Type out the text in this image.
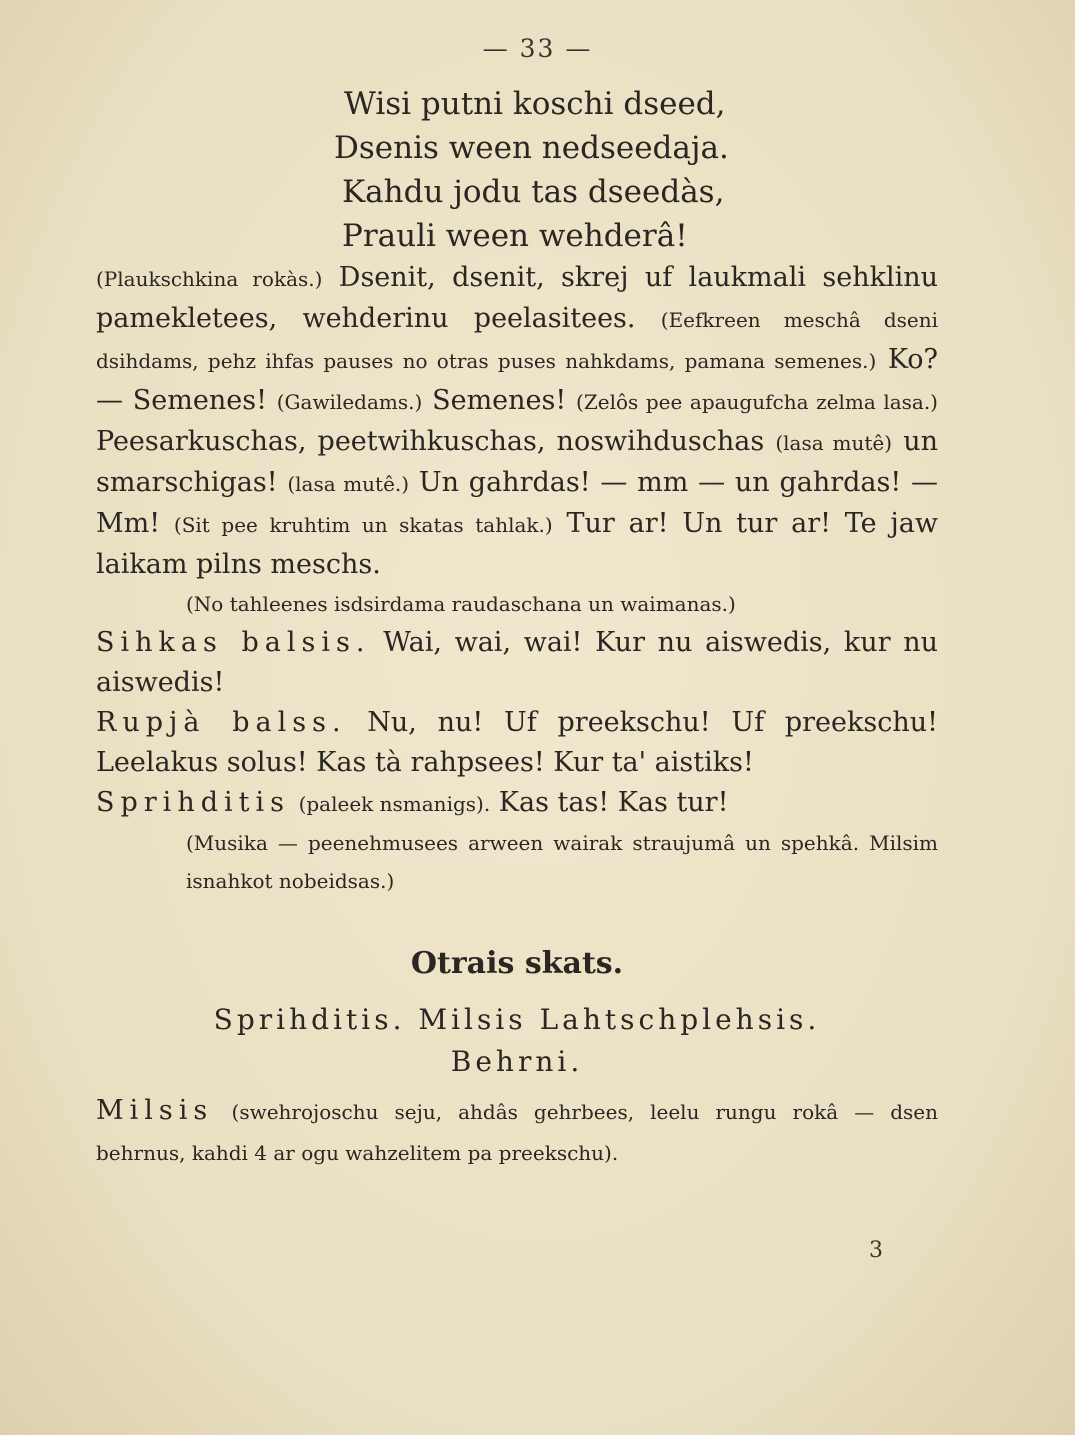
— 33 —
Wisi putni koschi dseed,
Dsenis ween nedseedaja.
Kahdu jodu tas dseedàs,
Prauli ween wehderâ!

(Plaukschkina rokàs.) Dsenit, dsenit, skrej uf laukmali sehklinu pamekletees, wehderinu peelasitees. (Eefkreen meschâ dseni dsihdams, pehz ihfas pauses no otras puses nahkdams, pamana semenes.) Ko? — Semenes! (Gawiledams.) Semenes! (Zelôs pee apaugufcha zelma lasa.) Peesarkuschas, peetwihkuschas, noswihduschas (lasa mutê) un smarschigas! (lasa mutê.) Un gahrdas! — mm — un gahrdas! — Mm! (Sit pee kruhtim un skatas tahlak.) Tur ar! Un tur ar! Te jaw laikam pilns meschs.
(No tahleenes isdsirdama raudaschana un waimanas.)

Sihkas balsis. Wai, wai, wai! Kur nu aiswedis, kur nu aiswedis!

Rupjà balss. Nu, nu! Uf preekschu! Uf preekschu! Leelakus solus! Kas tà rahpsees! Kur ta' aistiks!

Sprihditis (paleek nsmanigs). Kas tas! Kas tur!
(Musika — peenehmusees arween wairak straujumâ un spehkâ. Milsim isnahkot nobeidsas.)

Otrais skats.
Sprihditis. Milsis Lahtschplehsis.
Behrni.

Milsis (swehrojoschu seju, ahdâs gehrbees, leelu rungu rokâ — dsen behrnus, kahdi 4 ar ogu wahzelitem pa preekschu).

3
